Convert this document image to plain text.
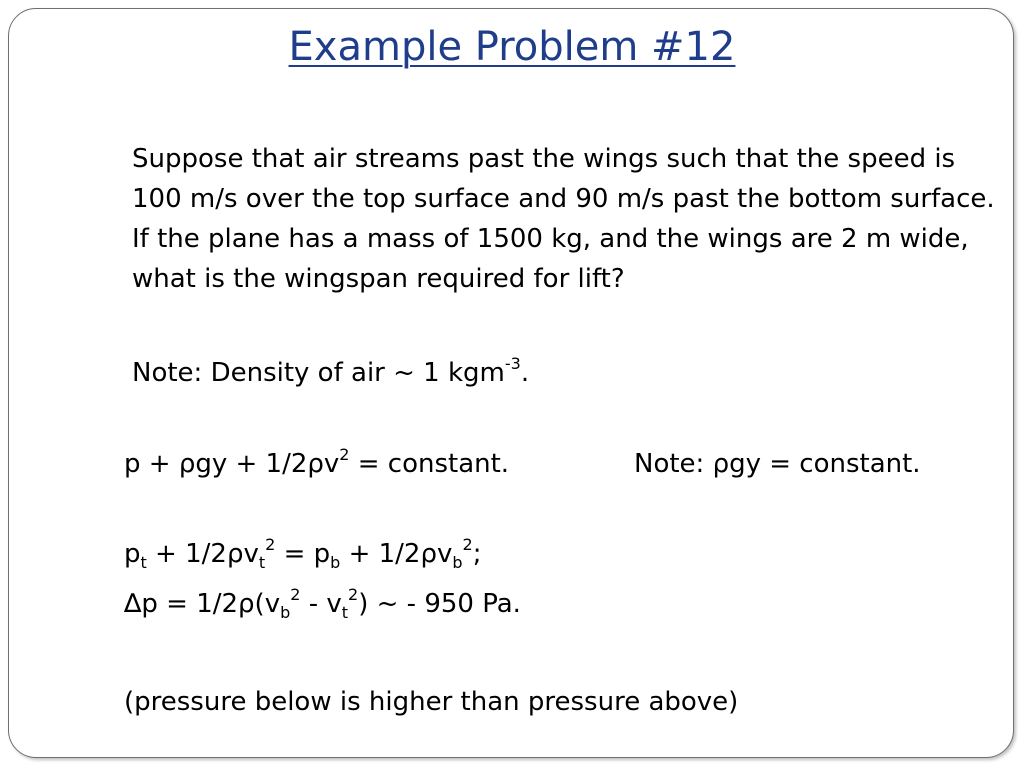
Example Problem #12
Suppose that air streams past the wings such that the speed is 100 m/s over the top surface and 90 m/s past the bottom surface. If the plane has a mass of 1500 kg, and the wings are 2 m wide, what is the wingspan required for lift?
Note: Density of air ~ 1 kgm$^{-3}$.
$p + \rho gy + 1/2\rho v^2$ = constant.	Note: ρgy = constant.
$p_t + 1/2\rho v_t^2 = p_b + 1/2\rho v_b^2$;
$\Delta p = 1/2\rho(v_b^2 - v_t^2)$ ~ - 950 Pa.
(pressure below is higher than pressure above)
